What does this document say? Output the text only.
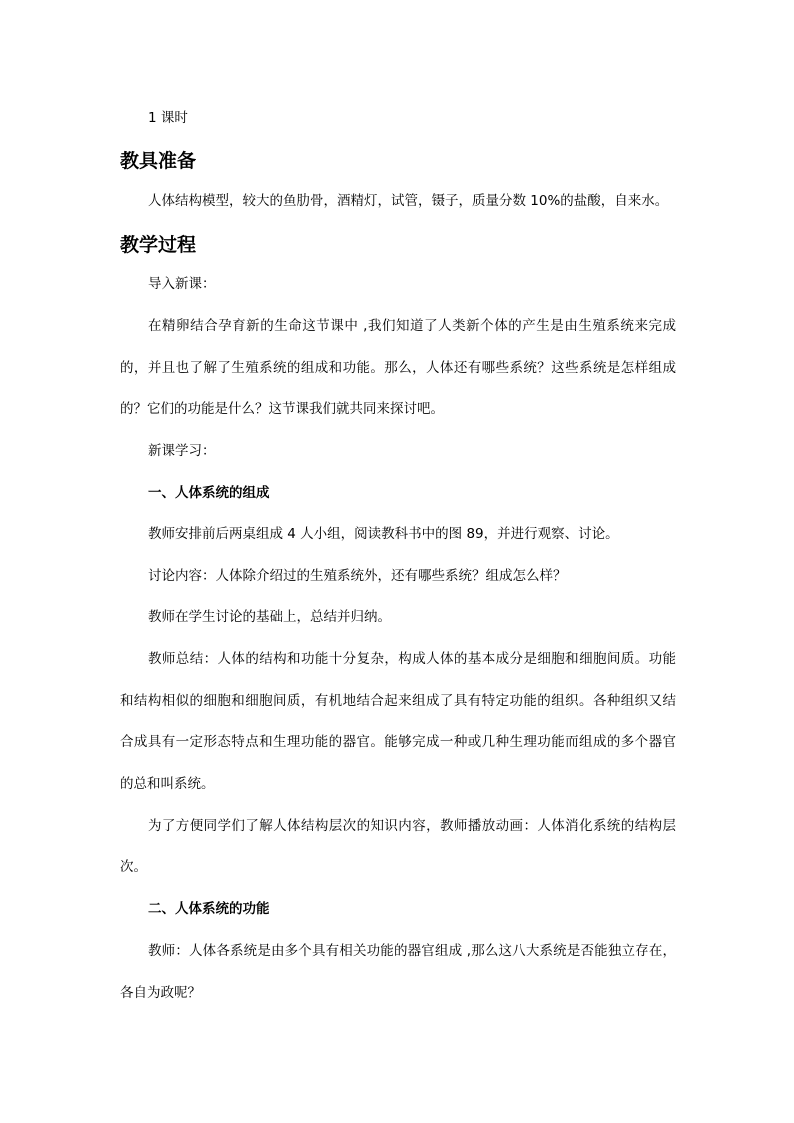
1 课时
教具准备
人体结构模型，较大的鱼肋骨，酒精灯，试管，镊子，质量分数 10%的盐酸，自来水。
教学过程
导入新课：
在精卵结合孕育新的生命这节课中 ,我们知道了人类新个体的产生是由生殖系统来完成
的，并且也了解了生殖系统的组成和功能。那么，人体还有哪些系统？这些系统是怎样组成
的？它们的功能是什么？这节课我们就共同来探讨吧。
新课学习：
一、人体系统的组成
教师安排前后两桌组成 4 人小组，阅读教科书中的图 89，并进行观察、讨论。
讨论内容：人体除介绍过的生殖系统外，还有哪些系统？组成怎么样？
教师在学生讨论的基础上，总结并归纳。
教师总结：人体的结构和功能十分复杂，构成人体的基本成分是细胞和细胞间质。功能
和结构相似的细胞和细胞间质，有机地结合起来组成了具有特定功能的组织。各种组织又结
合成具有一定形态特点和生理功能的器官。能够完成一种或几种生理功能而组成的多个器官
的总和叫系统。
为了方便同学们了解人体结构层次的知识内容，教师播放动画：人体消化系统的结构层
次。
二、人体系统的功能
教师：人体各系统是由多个具有相关功能的器官组成 ,那么这八大系统是否能独立存在，
各自为政呢？
